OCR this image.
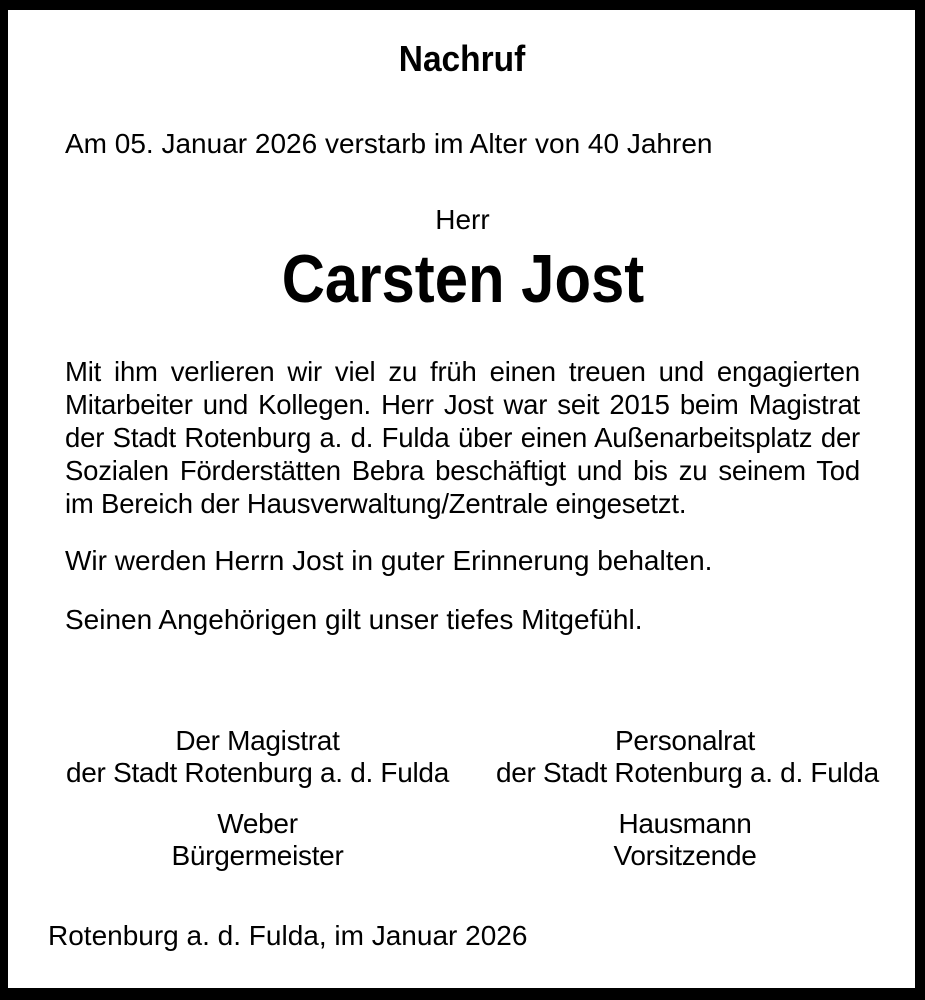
Nachruf

Am 05. Januar 2026 verstarb im Alter von 40 Jahren

Herr

Carsten Jost
Mit ihm verlieren wir viel zu früh einen treuen und engagierten
Mitarbeiter und Kollegen. Herr Jost war seit 2015 beim Magistrat
der Stadt Rotenburg a. d. Fulda über einen Außenarbeitsplatz der
Sozialen Förderstätten Bebra beschäftigt und bis zu seinem Tod
im Bereich der Hausverwaltung/Zentrale eingesetzt.

Wir werden Herrn Jost in guter Erinnerung behalten.

Seinen Angehörigen gilt unser tiefes Mitgefühl.

Der Magistrat
der Stadt Rotenburg a. d. Fulda
Weber
Bürgermeister
Personalrat
der Stadt Rotenburg a. d. Fulda
Hausmann
Vorsitzende

Rotenburg a. d. Fulda, im Januar 2026
